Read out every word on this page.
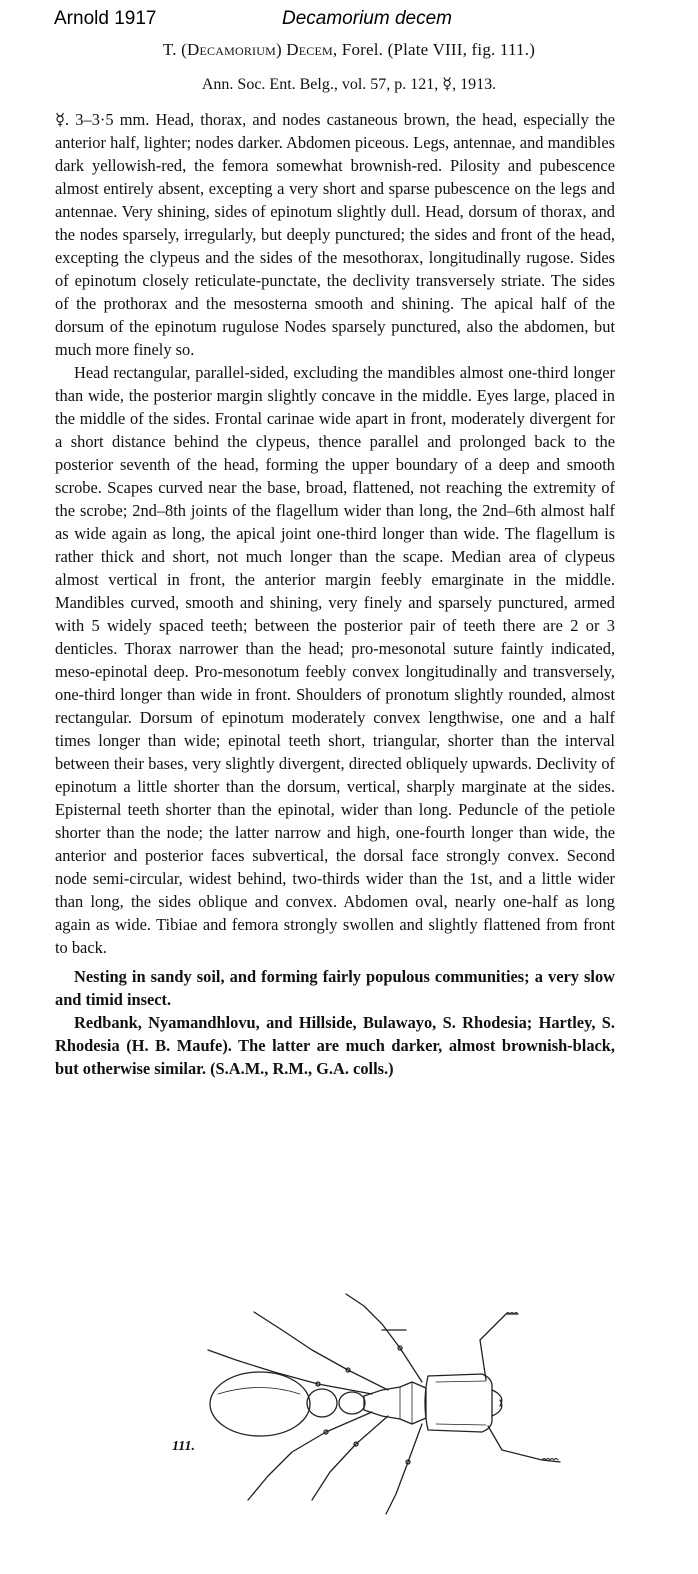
Arnold 1917	Decamorium decem
T. (Decamorium) Decem, Forel. (Plate VIII, fig. 111.)
Ann. Soc. Ent. Belg., vol. 57, p. 121, ☿, 1913.

☿. 3–3·5 mm. Head, thorax, and nodes castaneous brown, the head, especially the anterior half, lighter; nodes darker. Abdomen piceous. Legs, antennae, and mandibles dark yellowish-red, the femora somewhat brownish-red. Pilosity and pubescence almost entirely absent, excepting a very short and sparse pubescence on the legs and antennae. Very shining, sides of epinotum slightly dull. Head, dorsum of thorax, and the nodes sparsely, irregularly, but deeply punctured; the sides and front of the head, excepting the clypeus and the sides of the mesothorax, longitudinally rugose. Sides of epinotum closely reticulate-punctate, the declivity transversely striate. The sides of the prothorax and the mesosterna smooth and shining. The apical half of the dorsum of the epinotum rugulose Nodes sparsely punctured, also the abdomen, but much more finely so.

Head rectangular, parallel-sided, excluding the mandibles almost one-third longer than wide, the posterior margin slightly concave in the middle. Eyes large, placed in the middle of the sides. Frontal carinae wide apart in front, moderately divergent for a short distance behind the clypeus, thence parallel and prolonged back to the posterior seventh of the head, forming the upper boundary of a deep and smooth scrobe. Scapes curved near the base, broad, flattened, not reaching the extremity of the scrobe; 2nd–8th joints of the flagellum wider than long, the 2nd–6th almost half as wide again as long, the apical joint one-third longer than wide. The flagellum is rather thick and short, not much longer than the scape. Median area of clypeus almost vertical in front, the anterior margin feebly emarginate in the middle. Mandibles curved, smooth and shining, very finely and sparsely punctured, armed with 5 widely spaced teeth; between the posterior pair of teeth there are 2 or 3 denticles. Thorax narrower than the head; pro-mesonotal suture faintly indicated, meso-epinotal deep. Pro-mesonotum feebly convex longitudinally and transversely, one-third longer than wide in front. Shoulders of pronotum slightly rounded, almost rectangular. Dorsum of epinotum moderately convex lengthwise, one and a half times longer than wide; epinotal teeth short, triangular, shorter than the interval between their bases, very slightly divergent, directed obliquely upwards. Declivity of epinotum a little shorter than the dorsum, vertical, sharply marginate at the sides. Episternal teeth shorter than the epinotal, wider than long. Peduncle of the petiole shorter than the node; the latter narrow and high, one-fourth longer than wide, the anterior and posterior faces subvertical, the dorsal face strongly convex. Second node semi-circular, widest behind, two-thirds wider than the 1st, and a little wider than long, the sides oblique and convex. Abdomen oval, nearly one-half as long again as wide. Tibiae and femora strongly swollen and slightly flattened from front to back.

Nesting in sandy soil, and forming fairly populous communities; a very slow and timid insect.

Redbank, Nyamandhlovu, and Hillside, Bulawayo, S. Rhodesia; Hartley, S. Rhodesia (H. B. Maufe). The latter are much darker, almost brownish-black, but otherwise similar. (S.A.M., R.M., G.A. colls.)

111.
